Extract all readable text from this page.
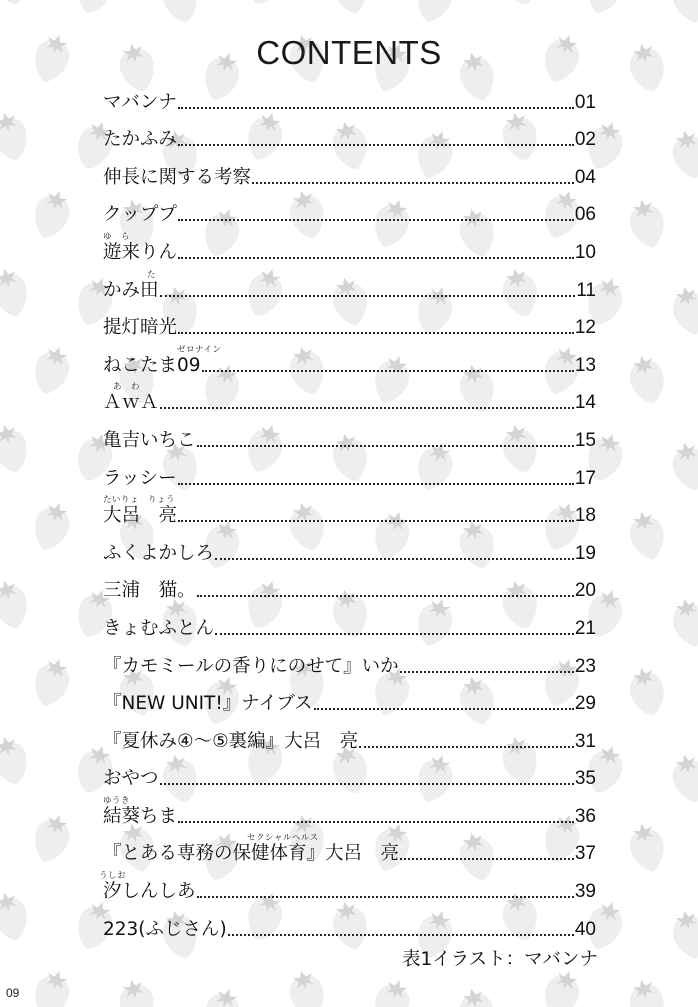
CONTENTS
マバンナ	01
たかふみ	02
伸長に関する考察	04
クッププ	06
ゆ　ら
遊来りん	10
た
かみ田	11
提灯暗光	12
ゼロナイン
ねこたま09	13
あ　わ
ＡｗＡ	14
亀吉いちこ	15
ラッシー	17
たいりょ　りょう
大呂　亮	18
ふくよかしろ	19
三浦　猫。	20
きょむふとん	21
『カモミールの香りにのせて』いか	23
『NEW UNIT!』ナイブス	29
『夏休み④〜⑤裏編』大呂　亮	31
おやつ	35
ゆうき
結葵ちま	36
セクシャルヘルス
『とある専務の保健体育』大呂　亮	37
うしお
汐しんしあ	39
223(ふじさん)	40
表1イラスト：マバンナ
09
